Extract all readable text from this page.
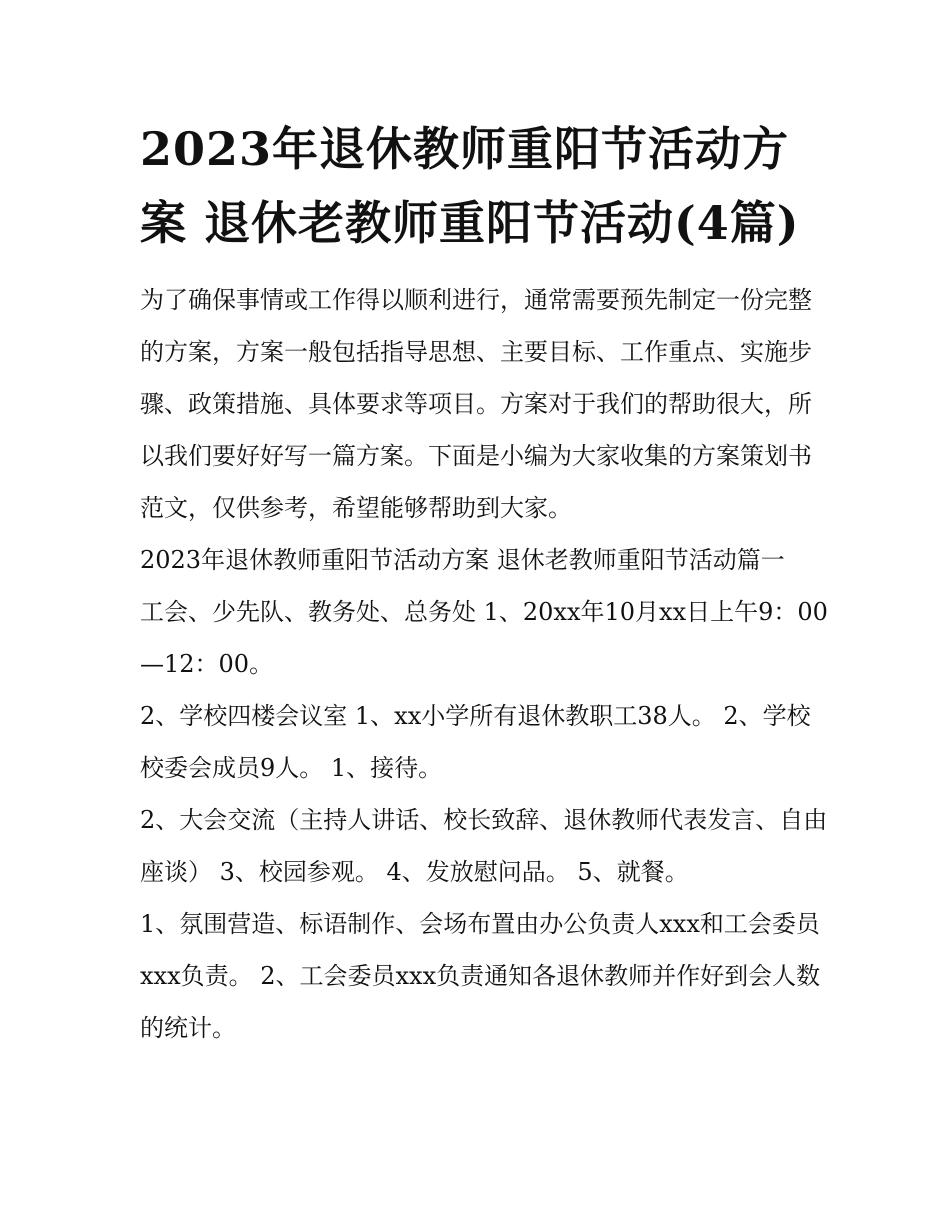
2023年退休教师重阳节活动方案 退休老教师重阳节活动(4篇)

为了确保事情或工作得以顺利进行，通常需要预先制定一份完整的方案，方案一般包括指导思想、主要目标、工作重点、实施步骤、政策措施、具体要求等项目。方案对于我们的帮助很大，所以我们要好好写一篇方案。下面是小编为大家收集的方案策划书范文，仅供参考，希望能够帮助到大家。

2023年退休教师重阳节活动方案 退休老教师重阳节活动篇一

工会、少先队、教务处、总务处 1、20xx年10月xx日上午9：00—12：00。

2、学校四楼会议室 1、xx小学所有退休教职工38人。 2、学校校委会成员9人。 1、接待。

2、大会交流（主持人讲话、校长致辞、退休教师代表发言、自由座谈） 3、校园参观。 4、发放慰问品。 5、就餐。

1、氛围营造、标语制作、会场布置由办公负责人xxx和工会委员xxx负责。 2、工会委员xxx负责通知各退休教师并作好到会人数的统计。
